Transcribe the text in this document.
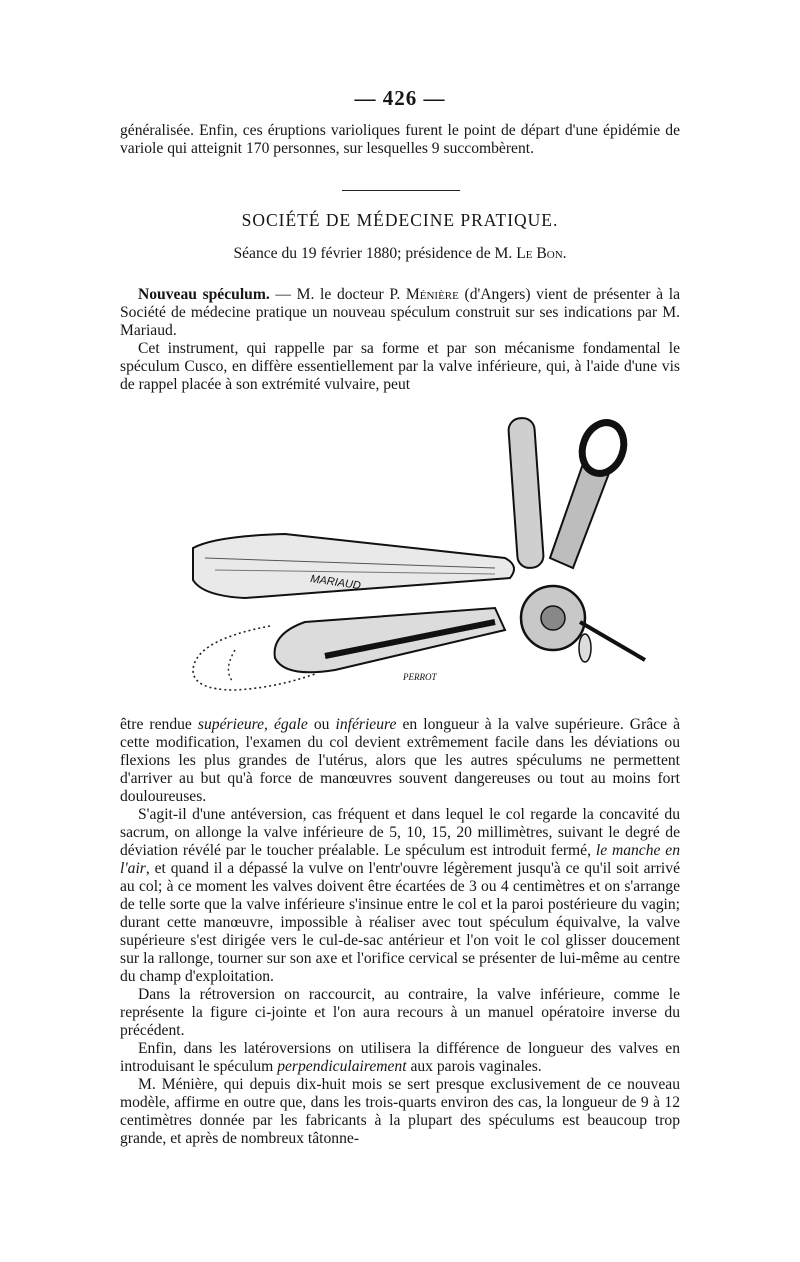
— 426 —

généralisée. Enfin, ces éruptions varioliques furent le point de départ d'une épidémie de variole qui atteignit 170 personnes, sur lesquelles 9 succombèrent.

SOCIÉTÉ DE MÉDECINE PRATIQUE.
Séance du 19 février 1880; présidence de M. Le Bon.

Nouveau spéculum. — M. le docteur P. Ménière (d'Angers) vient de présenter à la Société de médecine pratique un nouveau spéculum construit sur ses indications par M. Mariaud.

Cet instrument, qui rappelle par sa forme et par son mécanisme fondamental le spéculum Cusco, en diffère essentiellement par la valve inférieure, qui, à l'aide d'une vis de rappel placée à son extrémité vulvaire, peut

MARIAUD
PERROT

être rendue supérieure, égale ou inférieure en longueur à la valve supérieure. Grâce à cette modification, l'examen du col devient extrêmement facile dans les déviations ou flexions les plus grandes de l'utérus, alors que les autres spéculums ne permettent d'arriver au but qu'à force de manœuvres souvent dangereuses ou tout au moins fort douloureuses.

S'agit-il d'une antéversion, cas fréquent et dans lequel le col regarde la concavité du sacrum, on allonge la valve inférieure de 5, 10, 15, 20 millimètres, suivant le degré de déviation révélé par le toucher préalable. Le spéculum est introduit fermé, le manche en l'air, et quand il a dépassé la vulve on l'entr'ouvre légèrement jusqu'à ce qu'il soit arrivé au col; à ce moment les valves doivent être écartées de 3 ou 4 centimètres et on s'arrange de telle sorte que la valve inférieure s'insinue entre le col et la paroi postérieure du vagin; durant cette manœuvre, impossible à réaliser avec tout spéculum équivalve, la valve supérieure s'est dirigée vers le cul-de-sac antérieur et l'on voit le col glisser doucement sur la rallonge, tourner sur son axe et l'orifice cervical se présenter de lui-même au centre du champ d'exploitation.

Dans la rétroversion on raccourcit, au contraire, la valve inférieure, comme le représente la figure ci-jointe et l'on aura recours à un manuel opératoire inverse du précédent.

Enfin, dans les latéroversions on utilisera la différence de longueur des valves en introduisant le spéculum perpendiculairement aux parois vaginales.

M. Ménière, qui depuis dix-huit mois se sert presque exclusivement de ce nouveau modèle, affirme en outre que, dans les trois-quarts environ des cas, la longueur de 9 à 12 centimètres donnée par les fabricants à la plupart des spéculums est beaucoup trop grande, et après de nombreux tâtonne-
